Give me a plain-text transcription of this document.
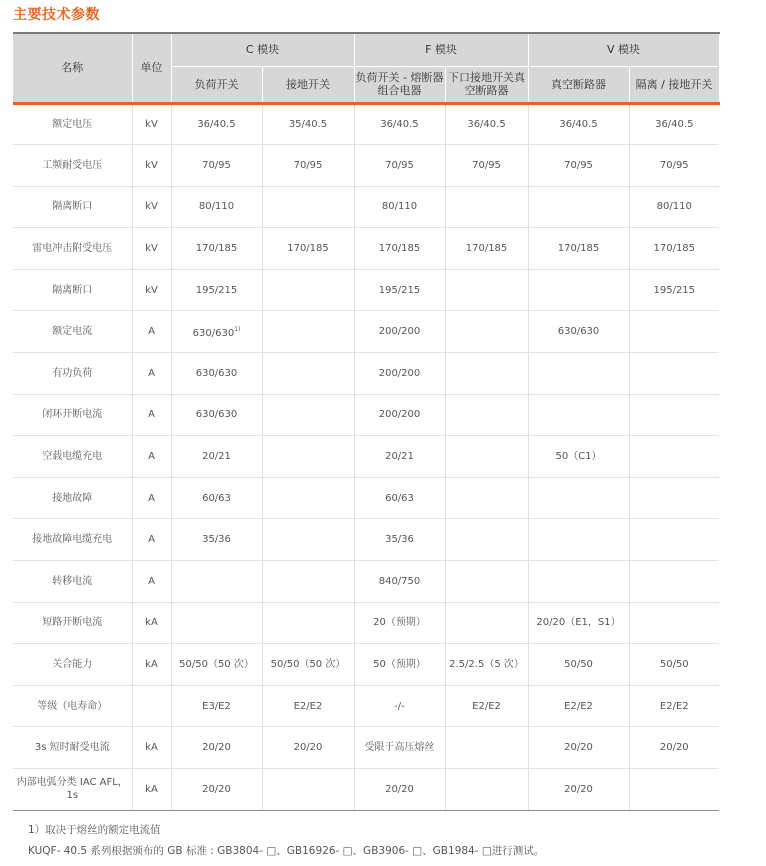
主要技术参数
名称	单位	C 模块		F 模块		V 模块	
		负荷开关	接地开关	负荷开关 - 熔断器组合电器	下口接地开关真空断路器	真空断路器	隔离 / 接地开关
额定电压	kV	36/40.5	35/40.5	36/40.5	36/40.5	36/40.5	36/40.5
工频耐受电压	kV	70/95	70/95	70/95	70/95	70/95	70/95
隔离断口	kV	80/110		80/110			80/110
雷电冲击附受电压	kV	170/185	170/185	170/185	170/185	170/185	170/185
隔离断口	kV	195/215		195/215			195/215
额定电流	A	630/630$^{1)}$		200/200		630/630	
有功负荷	A	630/630		200/200			
闭环开断电流	A	630/630		200/200			
空载电缆充电	A	20/21		20/21		50（C1）	
接地故障	A	60/63		60/63			
接地故障电缆充电	A	35/36		35/36			
转移电流	A			840/750			
短路开断电流	kA			20（预期）		20/20（E1，S1）	
关合能力	kA	50/50（50 次）	50/50（50 次）	50（预期）	2.5/2.5（5 次）	50/50	50/50
等级（电寿命）		E3/E2	E2/E2	-/-	E2/E2	E2/E2	E2/E2
3s 短时耐受电流	kA	20/20	20/20	受限于高压熔丝		20/20	20/20
内部电弧分类 IAC AFL，1s	kA	20/20		20/20		20/20	
1）取决于熔丝的额定电流值
KUQF- 40.5 系列根据颁布的 GB 标准 : GB3804- □、GB16926- □、GB3906- □、GB1984- □进行测试。
